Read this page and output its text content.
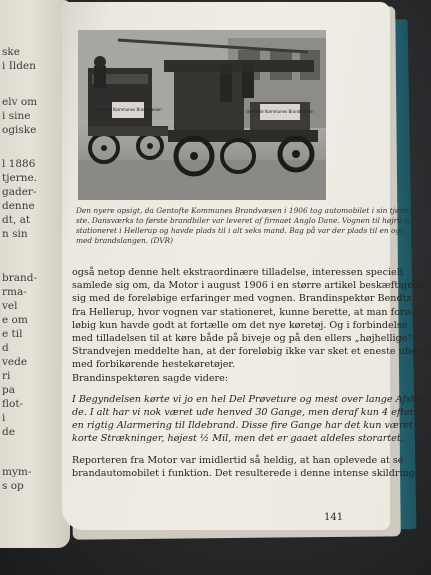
ske
i Ilden
elv om
i sine
ogiske
l 1886
tjerne.
gader-
denne
dt, at
n sin
brand-
rma-
vel
e om
e til
d
vede
ri
pa
flot-
i
de
mym-
s op
Gentofte Kommunes Brandvæsen	Gentofte Kommunes Brandvæsen
Den nyere opsigt, da Gentofte Kommunes Brandvæsen i 1906 tog automobilet i sin tjene-
ste. Dansværks to første brandbiler var leveret af firmaet Anglo Dane. Vognen til højre var
stationeret i Hellerup og havde plads til i alt seks mand. Bag på var der plads til en ogs-
med brandslangen. (DVR)
også netop denne helt ekstraordinære tilladelse, interessen specielt
samlede sig om, da Motor i august 1906 i en større artikel beskæftigede
sig med de foreløbige erfaringer med vognen. Brandinspektør Bendtz
fra Hellerup, hvor vognen var stationeret, kunne berette, at man fore-
løbig kun havde godt at fortælle om det nye køretøj. Og i forbindelse
med tilladelsen til at køre både på biveje og på den ellers „højhellige“
Strandvejen meddelte han, at der foreløbig ikke var sket et eneste uheld
med forbikørende hestekøretøjer.
Brandinspektøren sagde videre:
I Begyndelsen kørte vi jo en hel Del Prøveture og mest over lange Afstan-
de. I alt har vi nok været ude henved 30 Gange, men deraf kun 4 efter
en rigtig Alarmering til Ildebrand. Disse fire Gange har det kun været
korte Strækninger, højest ½ Mil, men det er gaaet aldeles storartet.
Reporteren fra Motor var imidlertid så heldig, at han oplevede at se
brandautomobilet i funktion. Det resulterede i denne intense skildring:
141
